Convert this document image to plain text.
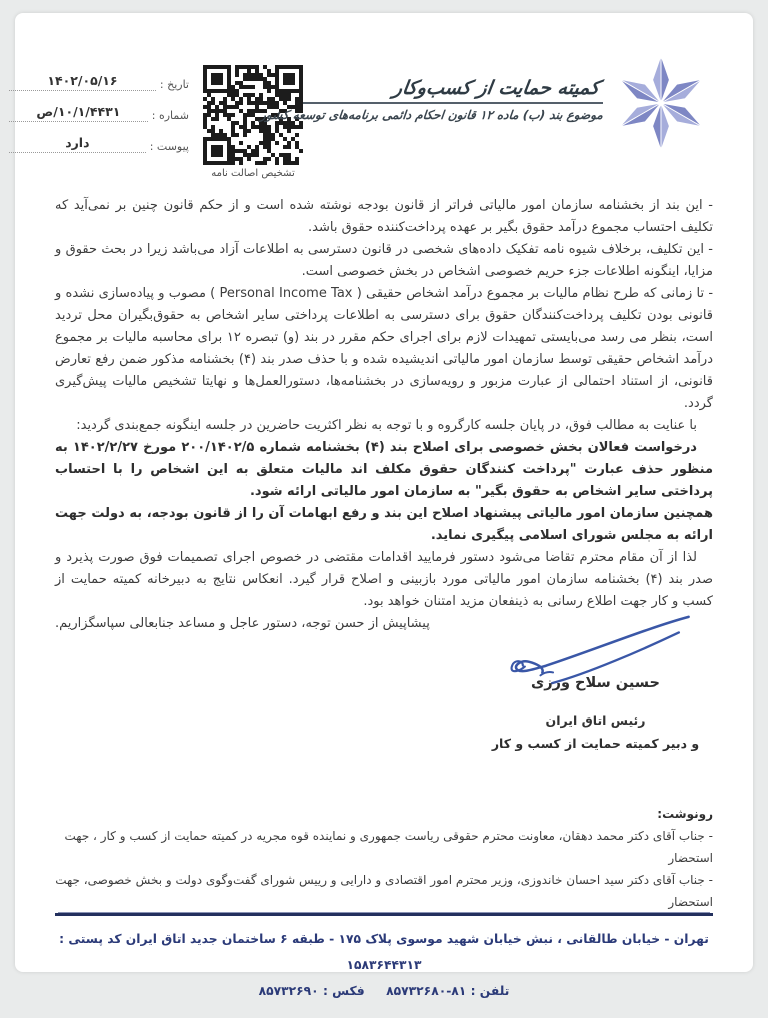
کمیته حمایت از کسب‌وکار
موضوع بند (ب) ماده ۱۲ قانون احکام دائمی برنامه‌های توسعه کشور
تشخیص اصالت نامه
تاریخ :
۱۴۰۲/۰۵/۱۶
شماره :
۱۰/۱/۴۴۳۱/ص
پیوست :
دارد

- این بند از بخشنامه سازمان امور مالیاتی فراتر از قانون بودجه نوشته شده است و از حکم قانون چنین بر نمی‌آید که تکلیف احتساب مجموع درآمد حقوق بگیر بر عهده پرداخت‌کننده حقوق باشد.

- این تکلیف، برخلاف شیوه نامه تفکیک داده‌های شخصی در قانون دسترسی به اطلاعات آزاد می‌باشد زیرا در بحث حقوق و مزایا، اینگونه اطلاعات جزء حریم خصوصی اشخاص در بخش خصوصی است.

- تا زمانی که طرح نظام مالیات بر مجموع درآمد اشخاص حقیقی ( Personal Income Tax ) مصوب و پیاده‌سازی نشده و قانونی بودن تکلیف پرداخت‌کنندگان حقوق برای دسترسی به اطلاعات پرداختی سایر اشخاص به حقوق‌بگیران محل تردید است، بنظر می رسد می‌بایستی تمهیدات لازم برای اجرای حکم مقرر در بند (و) تبصره ۱۲ برای محاسبه مالیات بر مجموع درآمد اشخاص حقیقی توسط سازمان امور مالیاتی اندیشیده شده و با حذف صدر بند (۴) بخشنامه مذکور ضمن رفع تعارض قانونی، از استناد احتمالی از عبارت مزبور و رویه‌سازی در بخشنامه‌ها، دستورالعمل‌ها و نهایتا تشخیص مالیات پیش‌گیری گردد.

با عنایت به مطالب فوق، در پایان جلسه کارگروه و با توجه به نظر اکثریت حاضرین در جلسه اینگونه جمع‌بندی گردید:

درخواست فعالان بخش خصوصی برای اصلاح بند (۴) بخشنامه شماره ۲۰۰/۱۴۰۲/۵ مورخ ۱۴۰۲/۲/۲۷ به منظور حذف عبارت "پرداخت کنندگان حقوق مکلف اند مالیات متعلق به این اشخاص را با احتساب پرداختی سایر اشخاص به حقوق بگیر" به سازمان امور مالیاتی ارائه شود.

همچنین سازمان امور مالیاتی پیشنهاد اصلاح این بند و رفع ابهامات آن را از قانون بودجه، به دولت جهت ارائه به مجلس شورای اسلامی پیگیری نماید.

لذا از آن مقام محترم تقاضا می‌شود دستور فرمایید اقدامات مقتضی در خصوص اجرای تصمیمات فوق صورت پذیرد و صدر بند (۴) بخشنامه سازمان امور مالیاتی مورد بازبینی و اصلاح قرار گیرد. انعکاس نتایج به دبیرخانه کمیته حمایت از کسب و کار جهت اطلاع رسانی به ذینفعان مزید امتنان خواهد بود.

پیشاپیش از حسن توجه، دستور عاجل و مساعد جنابعالی سپاسگزاریم.

حسین سلاح ورزی
رئیس اتاق ایران
و دبیر کمیته حمایت از کسب و کار

رونوشت:

- جناب آقای دکتر محمد دهقان، معاونت محترم حقوقی ریاست جمهوری و نماینده قوه مجریه در کمیته حمایت از کسب و کار ، جهت استحضار

- جناب آقای دکتر سید احسان خاندوزی، وزیر محترم امور اقتصادی و دارایی و رییس شورای گفت‌وگوی دولت و بخش خصوصی، جهت استحضار

تهران - خیابان طالقانی ، نبش خیابان شهید موسوی پلاک ۱۷۵ - طبقه ۶ ساختمان جدید اتاق ایران کد پستی : ۱۵۸۳۶۴۴۳۱۳
تلفن : ۸۵۷۳۲۶۸۰-۸۱     فکس : ۸۵۷۳۲۶۹۰
